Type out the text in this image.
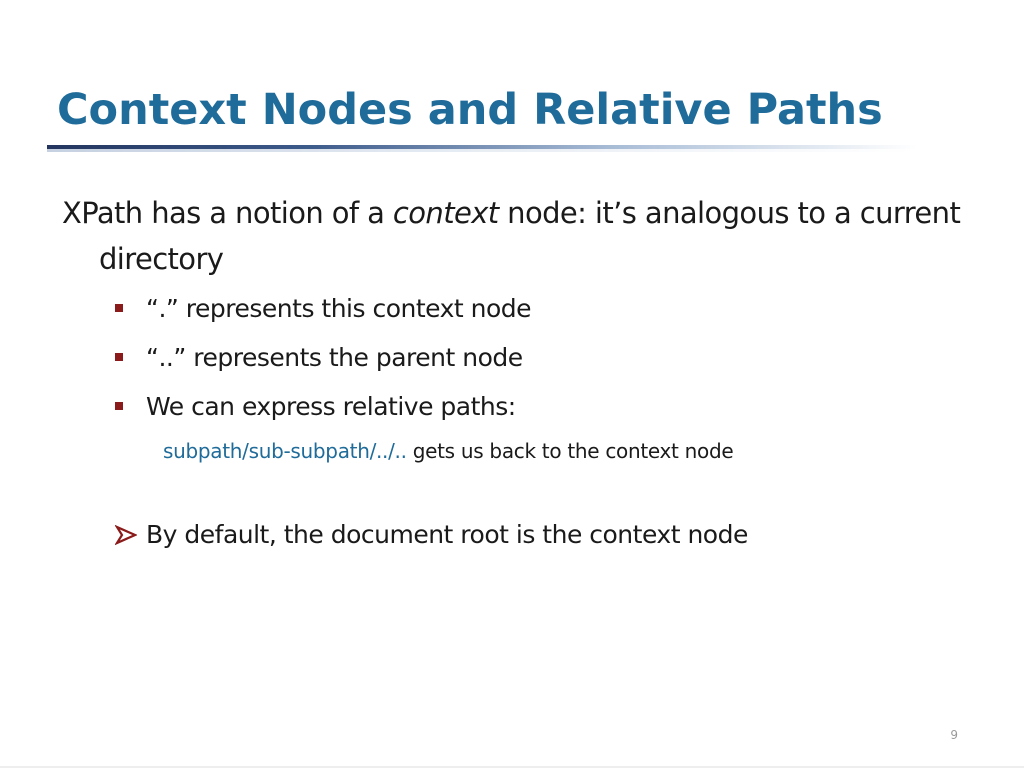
Context Nodes and Relative Paths

XPath has a notion of a context node: it’s analogous to a current directory

“.” represents this context node
“..” represents the parent node
We can express relative paths:
subpath/sub-subpath/../.. gets us back to the context node
By default, the document root is the context node
9
